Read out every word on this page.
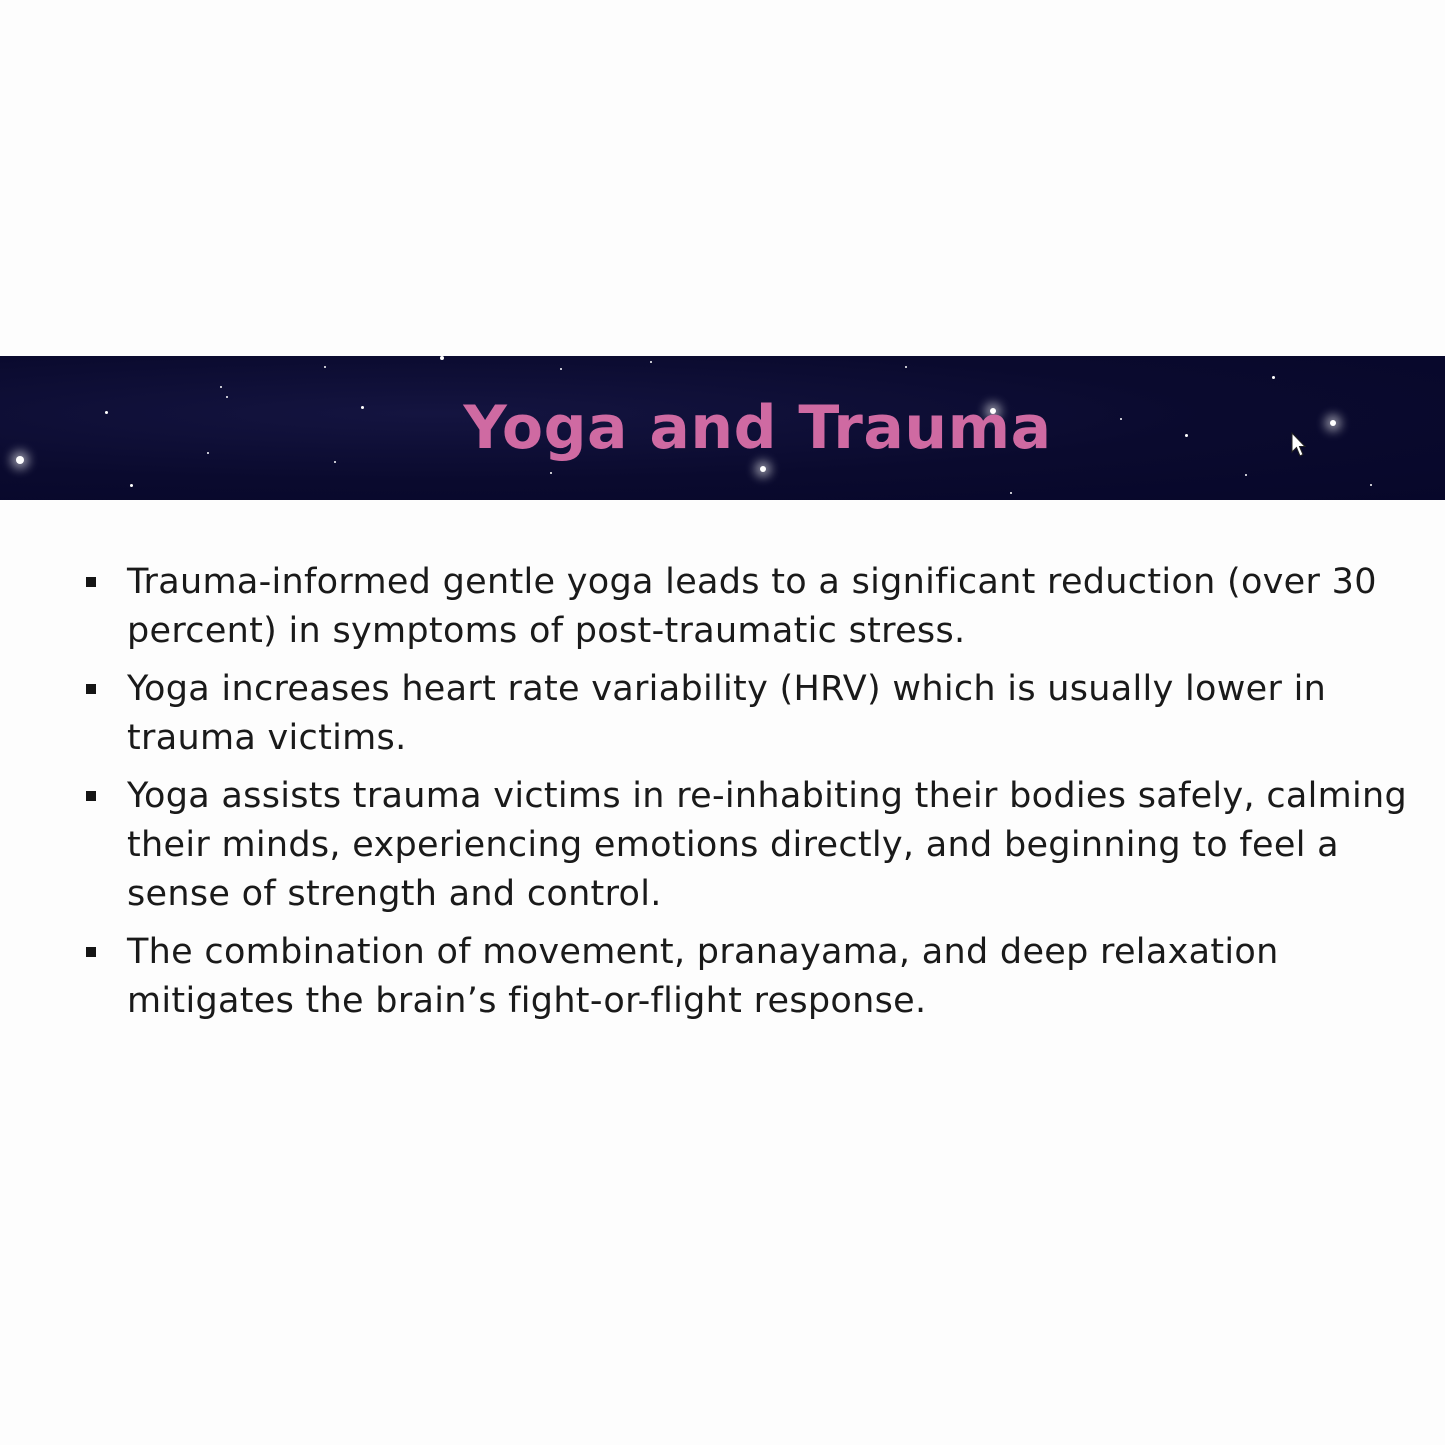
Yoga and Trauma
Trauma-informed gentle yoga leads to a significant reduction (over 30 percent) in symptoms of post-traumatic stress.
Yoga increases heart rate variability (HRV) which is usually lower in trauma victims.
Yoga assists trauma victims in re-inhabiting their bodies safely, calming their minds, experiencing emotions directly, and beginning to feel a sense of strength and control.
The combination of movement, pranayama, and deep relaxation mitigates the brain’s fight-or-flight response.
